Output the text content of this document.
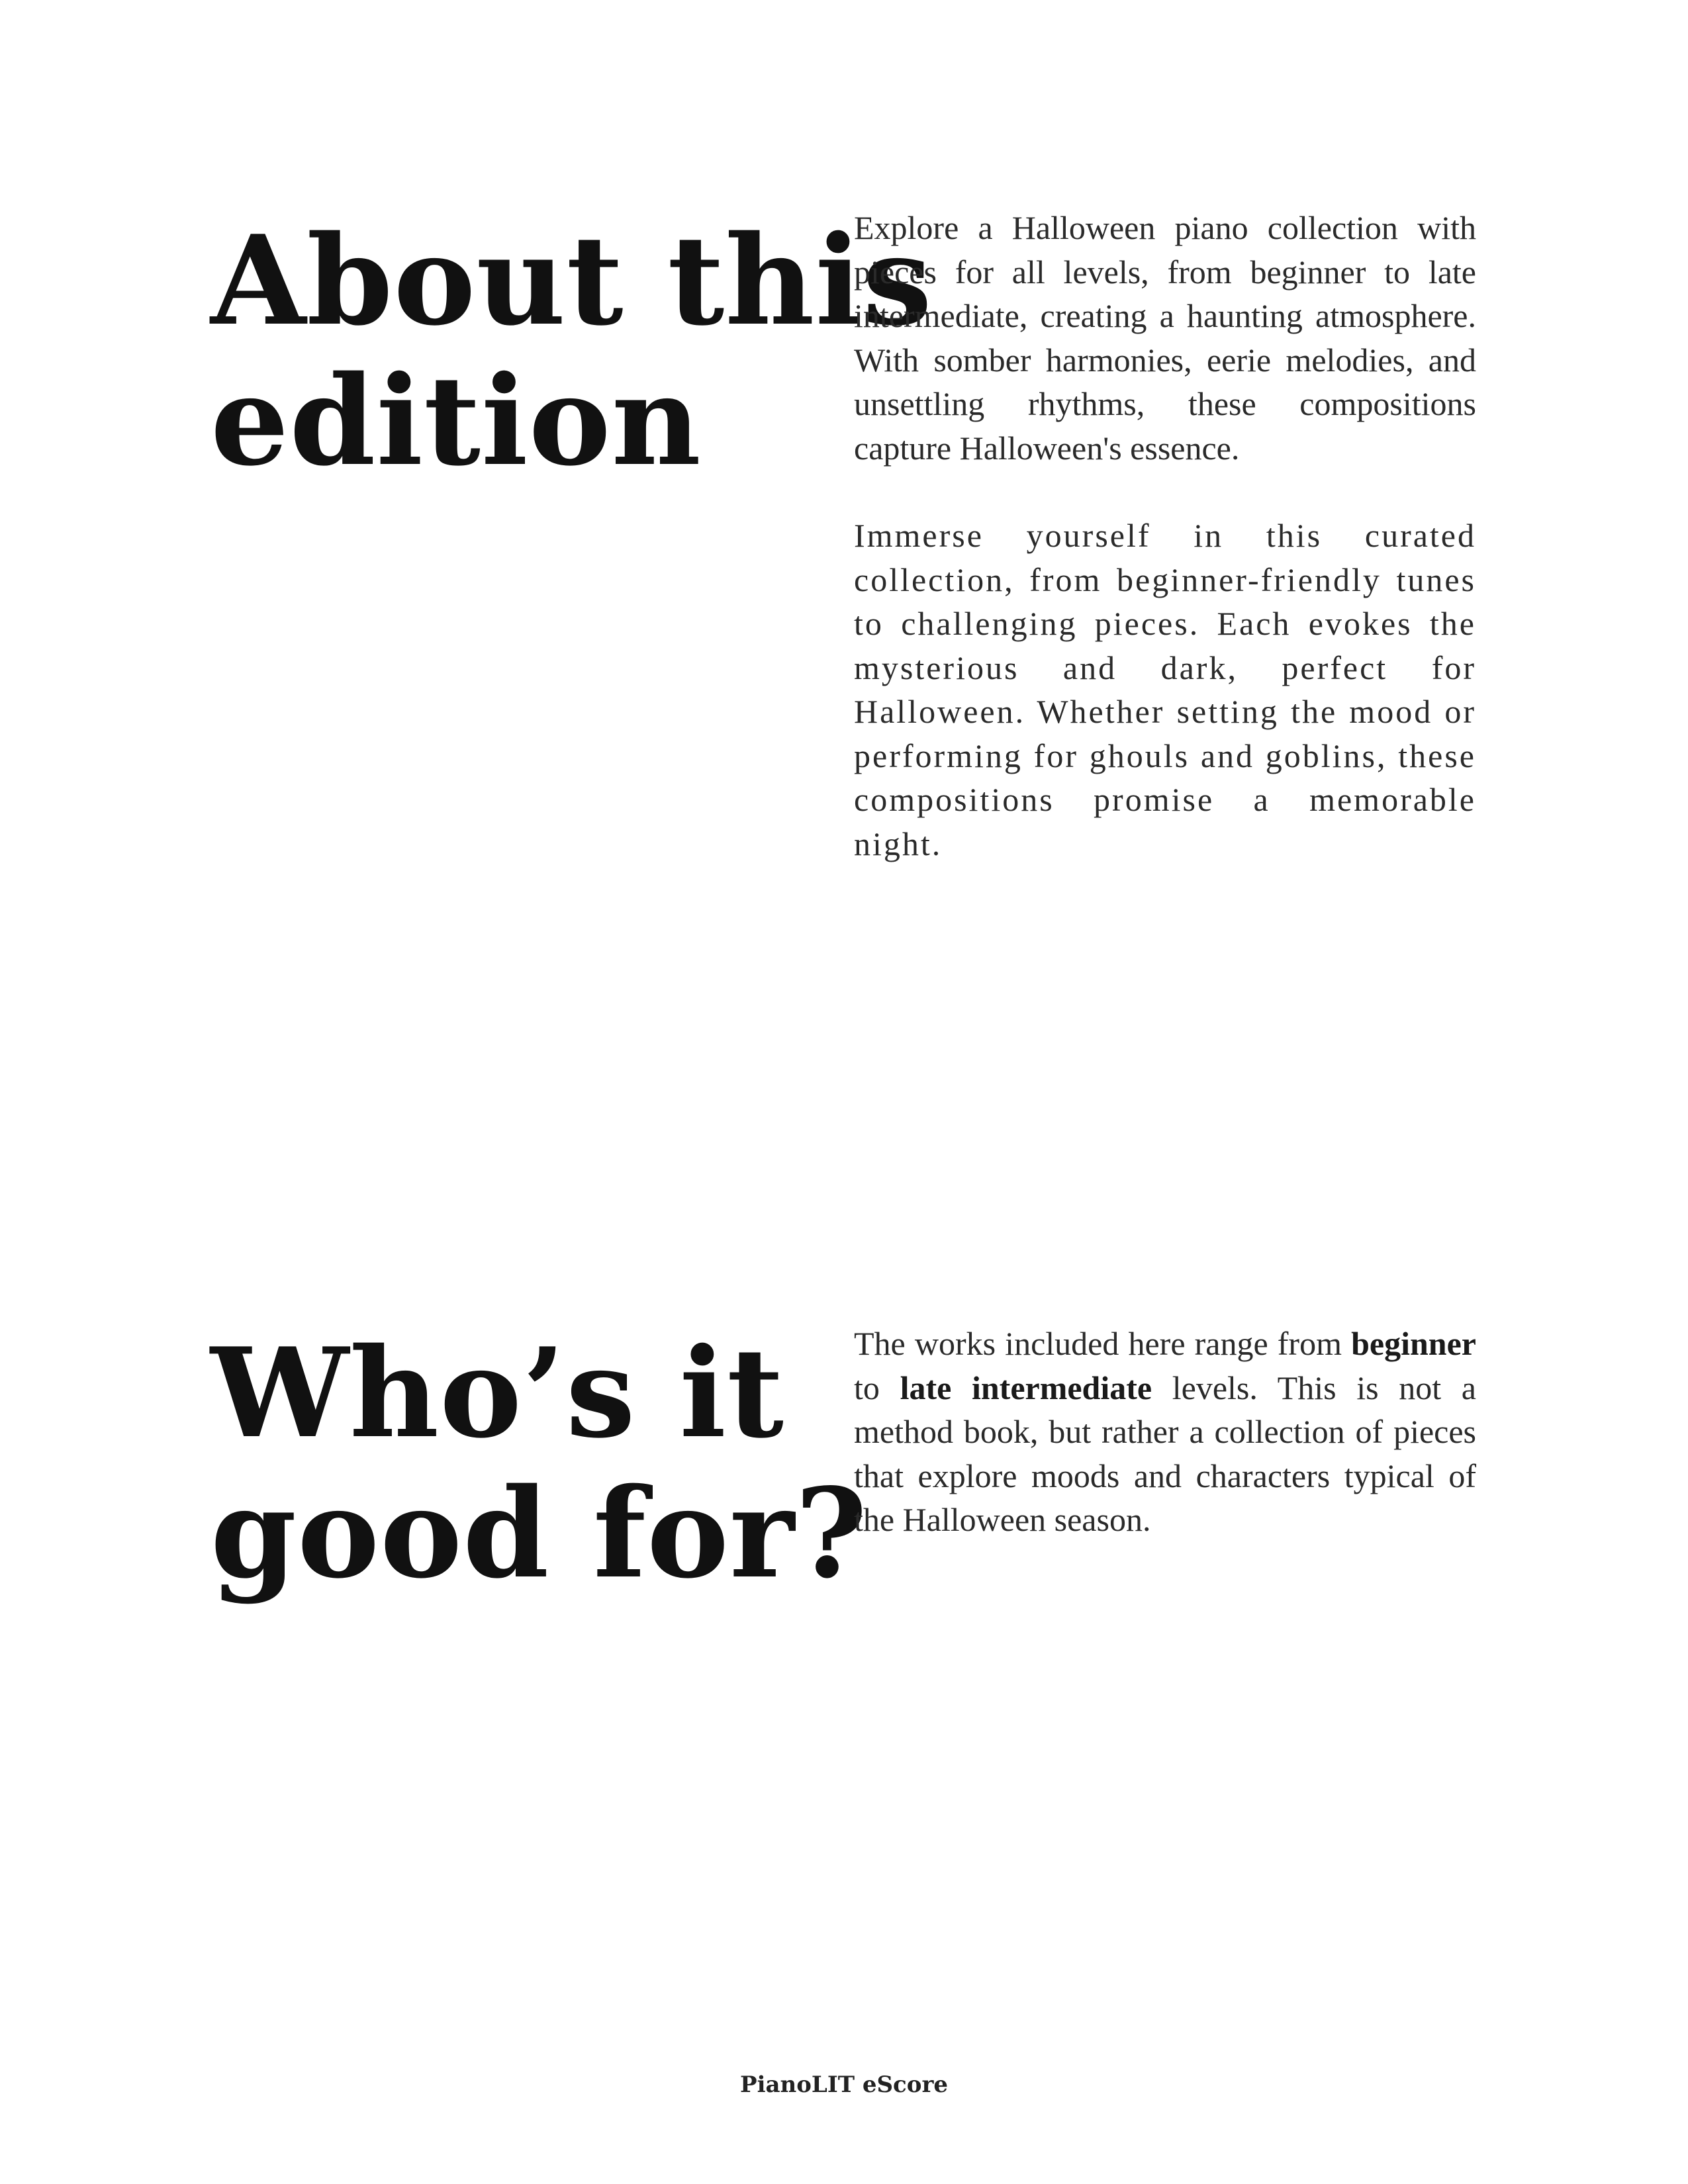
About this
edition

Explore a Halloween piano collection with pieces for all levels, from beginner to late intermediate, creating a haunting atmosphere. With somber harmonies, eerie melodies, and unsettling rhythms, these compositions capture Halloween's essence.

Immerse yourself in this curated collection, from beginner-friendly tunes to challenging pieces. Each evokes the mysterious and dark, perfect for Halloween. Whether setting the mood or performing for ghouls and goblins, these compositions promise a memorable night.

Who’s it
good for?

The works included here range from beginner to late intermediate levels. This is not a method book, but rather a collection of pieces that explore moods and characters typical of the Halloween season.

PianoLIT eScore
